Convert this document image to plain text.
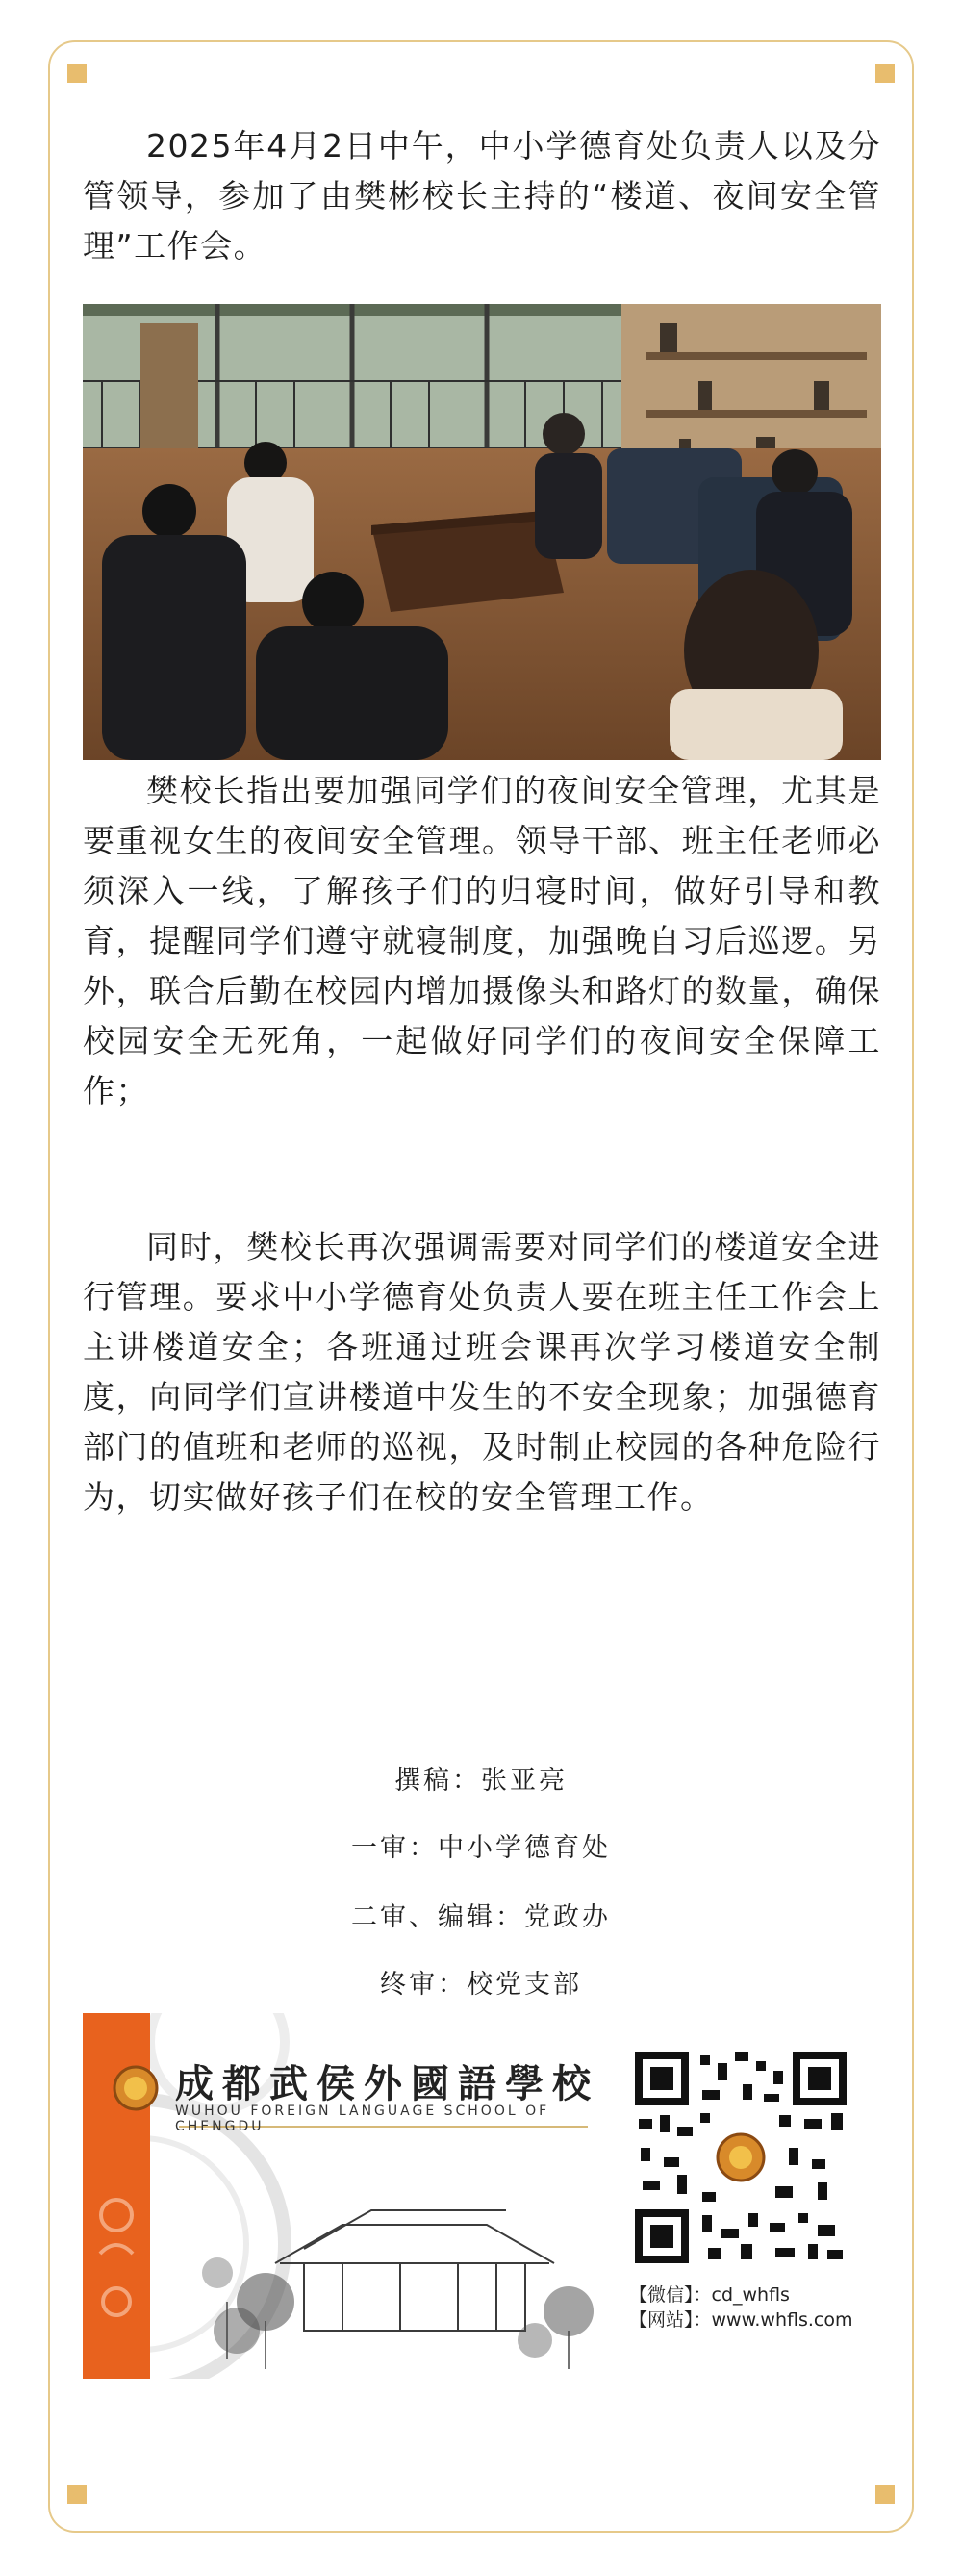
2025年4月2日中午，中小学德育处负责人以及分管领导，参加了由樊彬校长主持的“楼道、夜间安全管理”工作会。

樊校长指出要加强同学们的夜间安全管理，尤其是要重视女生的夜间安全管理。领导干部、班主任老师必须深入一线，了解孩子们的归寝时间，做好引导和教育，提醒同学们遵守就寝制度，加强晚自习后巡逻。另外，联合后勤在校园内增加摄像头和路灯的数量，确保校园安全无死角，一起做好同学们的夜间安全保障工作；

同时，樊校长再次强调需要对同学们的楼道安全进行管理。要求中小学德育处负责人要在班主任工作会上主讲楼道安全；各班通过班会课再次学习楼道安全制度，向同学们宣讲楼道中发生的不安全现象；加强德育部门的值班和老师的巡视，及时制止校园的各种危险行为，切实做好孩子们在校的安全管理工作。

撰稿：张亚亮

一审：中小学德育处

二审、编辑：党政办

终审：校党支部

成都武侯外國語學校
WUHOU FOREIGN LANGUAGE SCHOOL OF CHENGDU

【微信】：cd_whfls

【网站】：www.whfls.com
